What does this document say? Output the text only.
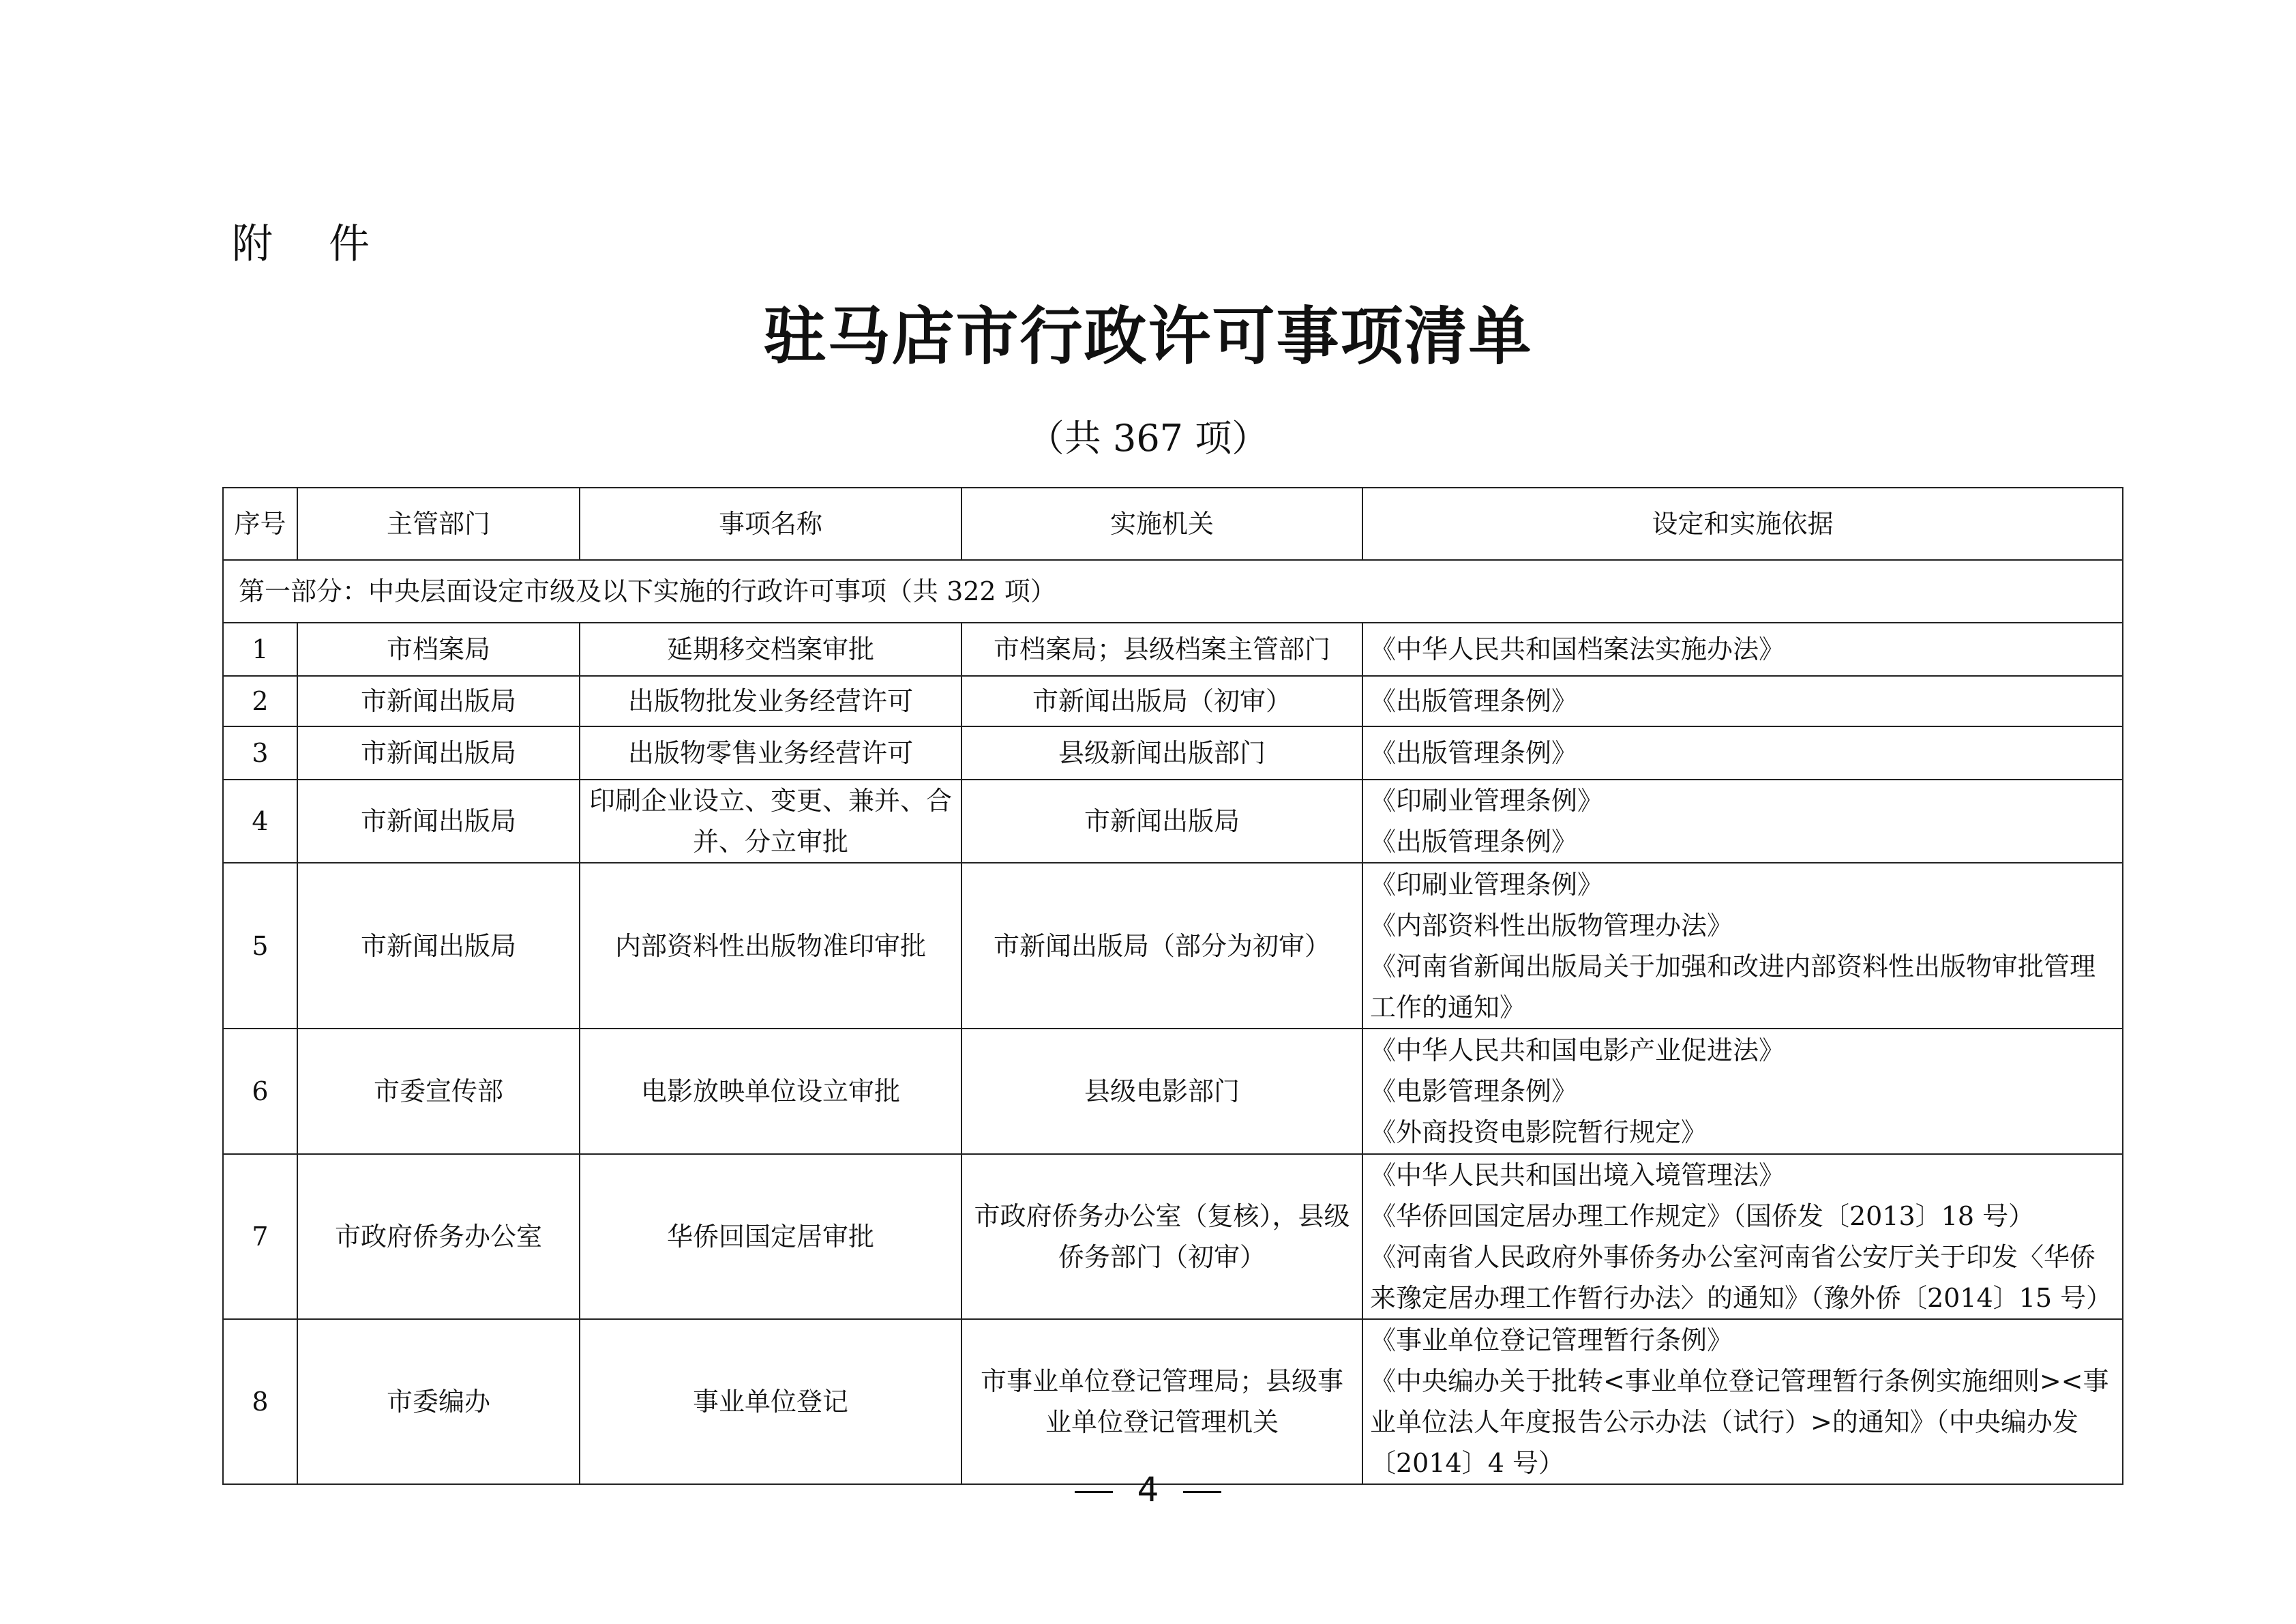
附 件
驻马店市行政许可事项清单
（共 367 项）
序号	主管部门	事项名称	实施机关	设定和实施依据
第一部分：中央层面设定市级及以下实施的行政许可事项（共 322 项）				
1	市档案局	延期移交档案审批	市档案局；县级档案主管部门	《中华人民共和国档案法实施办法》

2	市新闻出版局	出版物批发业务经营许可	市新闻出版局（初审）	《出版管理条例》

3	市新闻出版局	出版物零售业务经营许可	县级新闻出版部门	《出版管理条例》

4	市新闻出版局	印刷企业设立、变更、兼并、合并、分立审批	市新闻出版局	《印刷业管理条例》
《出版管理条例》

5	市新闻出版局	内部资料性出版物准印审批	市新闻出版局（部分为初审）	《印刷业管理条例》
《内部资料性出版物管理办法》
《河南省新闻出版局关于加强和改进内部资料性出版物审批管理工作的通知》

6	市委宣传部	电影放映单位设立审批	县级电影部门	《中华人民共和国电影产业促进法》
《电影管理条例》
《外商投资电影院暂行规定》

7	市政府侨务办公室	华侨回国定居审批	市政府侨务办公室（复核），县级侨务部门（初审）	《中华人民共和国出境入境管理法》
《华侨回国定居办理工作规定》（国侨发〔2013〕18 号）
《河南省人民政府外事侨务办公室河南省公安厅关于印发〈华侨来豫定居办理工作暂行办法〉的通知》（豫外侨〔2014〕15 号）

8	市委编办	事业单位登记	市事业单位登记管理局；县级事业单位登记管理机关	《事业单位登记管理暂行条例》
《中央编办关于批转<事业单位登记管理暂行条例实施细则><事业单位法人年度报告公示办法（试行）>的通知》（中央编办发〔2014〕4 号）
4
